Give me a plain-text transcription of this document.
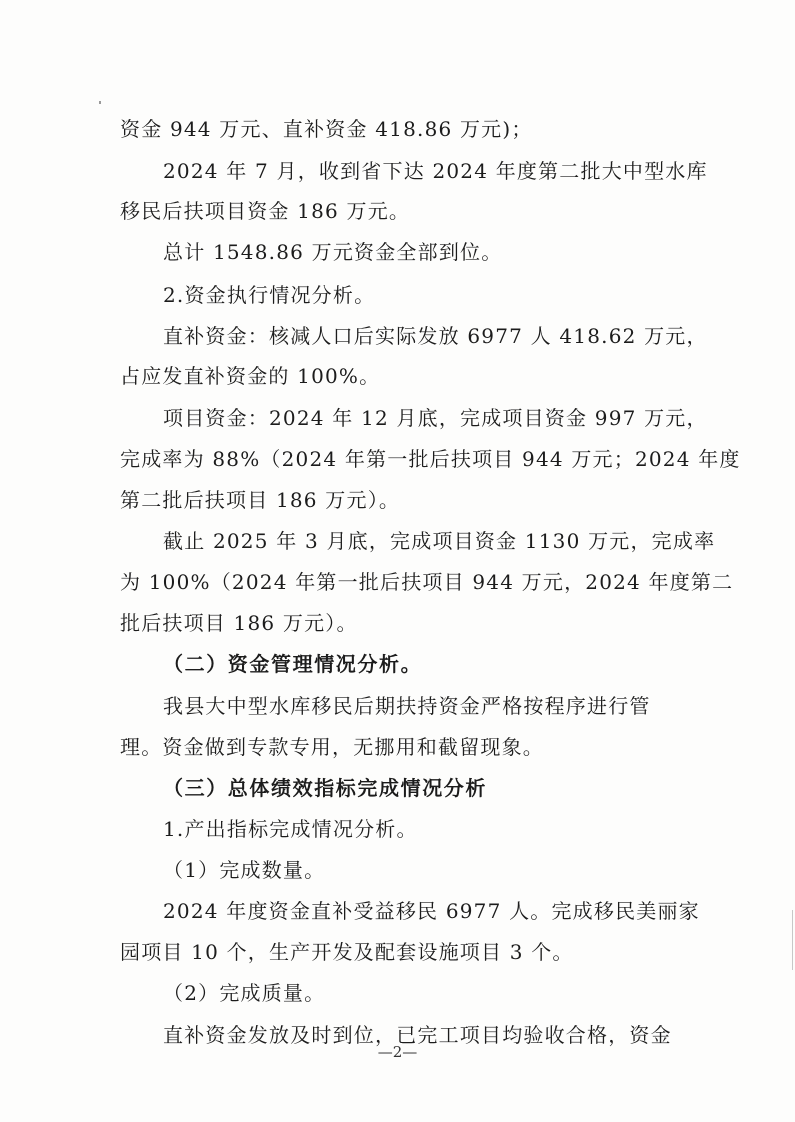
资金 944 万元、直补资金 418.86 万元)；
2024 年 7 月，收到省下达 2024 年度第二批大中型水库
移民后扶项目资金 186 万元。
总计 1548.86 万元资金全部到位。
2.资金执行情况分析。
直补资金：核减人口后实际发放 6977 人 418.62 万元，
占应发直补资金的 100%。
项目资金：2024 年 12 月底，完成项目资金 997 万元，
完成率为 88%（2024 年第一批后扶项目 944 万元；2024 年度
第二批后扶项目 186 万元）。
截止 2025 年 3 月底，完成项目资金 1130 万元，完成率
为 100%（2024 年第一批后扶项目 944 万元，2024 年度第二
批后扶项目 186 万元）。
（二）资金管理情况分析。
我县大中型水库移民后期扶持资金严格按程序进行管
理。资金做到专款专用，无挪用和截留现象。
（三）总体绩效指标完成情况分析
1.产出指标完成情况分析。
（1）完成数量。
2024 年度资金直补受益移民 6977 人。完成移民美丽家
园项目 10 个，生产开发及配套设施项目 3 个。
（2）完成质量。
直补资金发放及时到位，已完工项目均验收合格，资金
—2—
